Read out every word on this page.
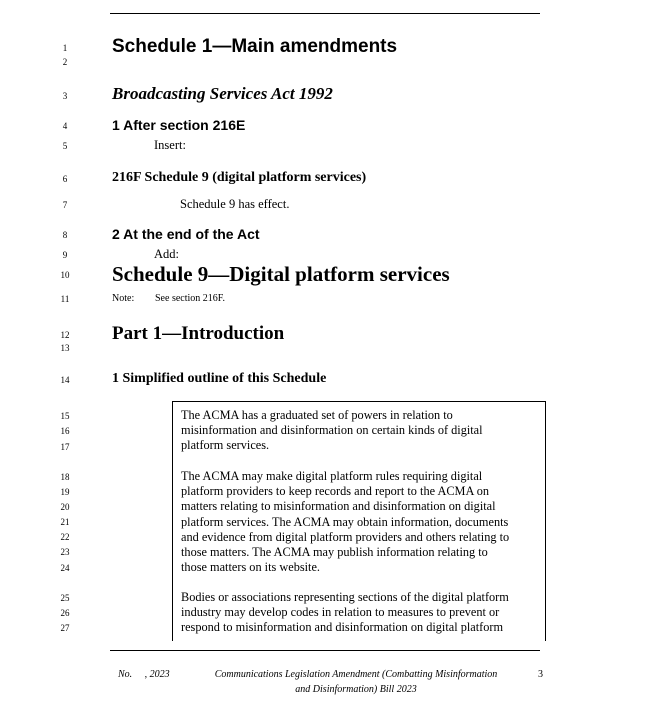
1
2
3
4
5
6
7
8
9
10
11
12
13
14
15
16
17
18
19
20
21
22
23
24
25
26
27
Schedule 1—Main amendments
Broadcasting Services Act 1992
1 After section 216E
Insert:
216F Schedule 9 (digital platform services)
Schedule 9 has effect.
2 At the end of the Act
Add:
Schedule 9—Digital platform services
Note: See section 216F.
Part 1—Introduction
1 Simplified outline of this Schedule
The ACMA has a graduated set of powers in relation to
misinformation and disinformation on certain kinds of digital
platform services.
The ACMA may make digital platform rules requiring digital
platform providers to keep records and report to the ACMA on
matters relating to misinformation and disinformation on digital
platform services. The ACMA may obtain information, documents
and evidence from digital platform providers and others relating to
those matters. The ACMA may publish information relating to
those matters on its website.
Bodies or associations representing sections of the digital platform
industry may develop codes in relation to measures to prevent or
respond to misinformation and disinformation on digital platform
No.     , 2023	Communications Legislation Amendment (Combatting Misinformation
and Disinformation) Bill 2023
3
